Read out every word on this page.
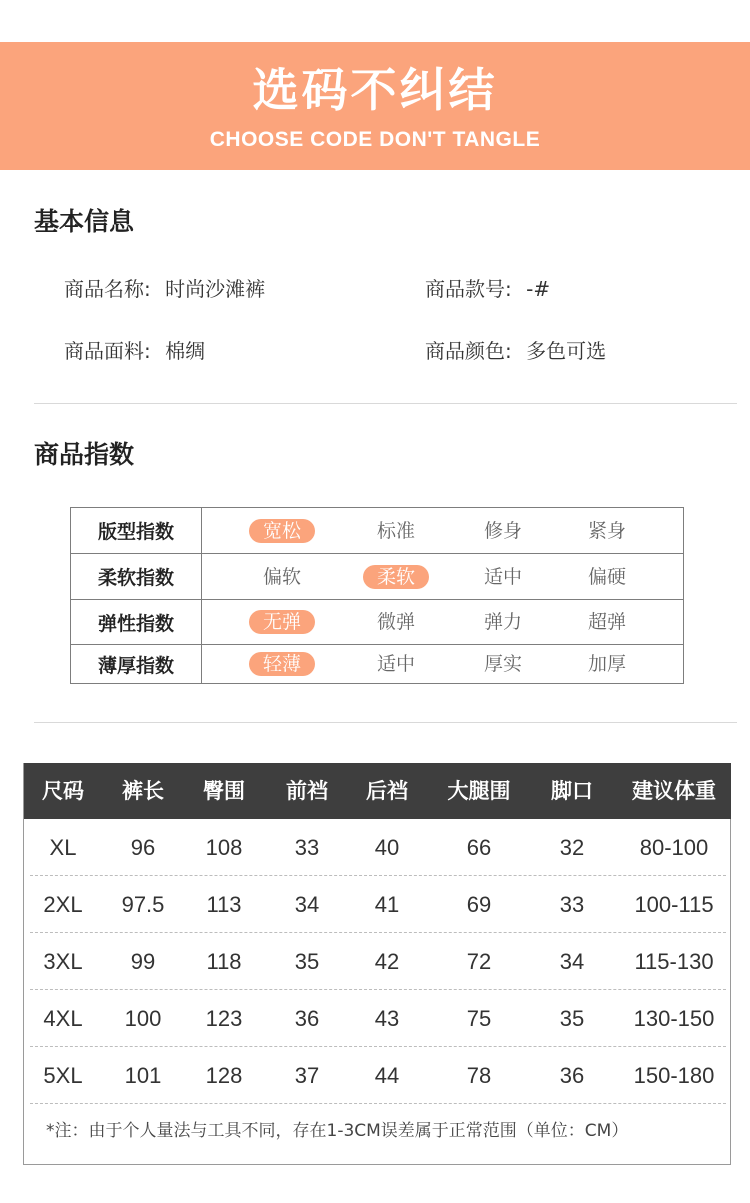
选码不纠结
CHOOSE CODE DON'T TANGLE
基本信息
商品名称: 时尚沙滩裤	商品款号: -#
商品面料: 棉绸	商品颜色: 多色可选
商品指数
版型指数	宽松	标准	修身	紧身
柔软指数	偏软	柔软	适中	偏硬
弹性指数	无弹	微弹	弹力	超弹
薄厚指数	轻薄	适中	厚实	加厚
尺码 裤长 臀围 前裆 后裆 大腿围 脚口 建议体重
XL 96 108 33	40	66	32	80-100
2XL 97.5 113 34	41	69	33 100-115
3XL 99 118 35	42	72	34 115-130
4XL 100 123 36	43	75	35 130-150
5XL 101 128 37	44	78	36 150-180
*注：由于个人量法与工具不同，存在1-3CM误差属于正常范围（单位：CM）
